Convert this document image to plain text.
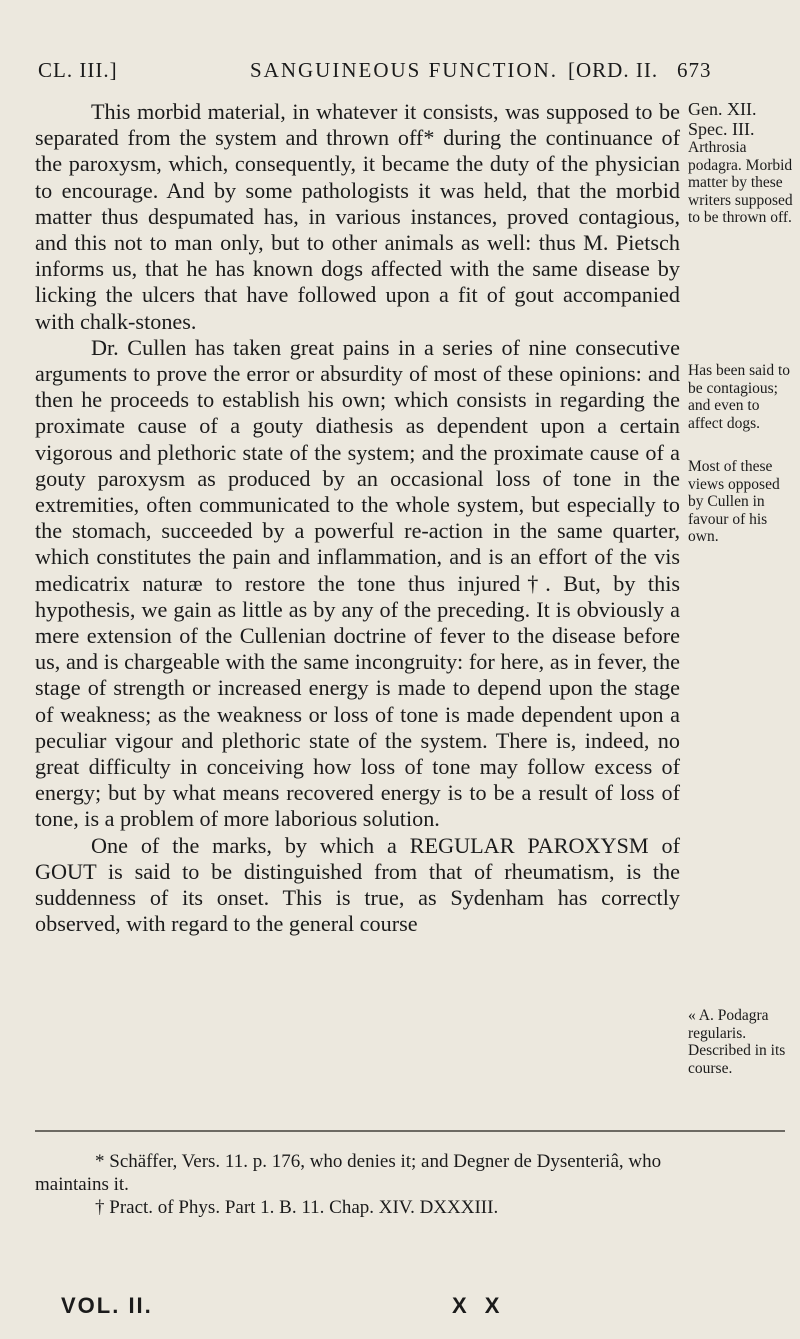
CL. III.]	SANGUINEOUS FUNCTION. [ORD. II. 673

This morbid material, in whatever it consists, was supposed to be separated from the system and thrown off* during the continuance of the paroxysm, which, consequently, it became the duty of the physician to encourage. And by some pathologists it was held, that the morbid matter thus despumated has, in various instances, proved contagious, and this not to man only, but to other animals as well: thus M. Pietsch informs us, that he has known dogs affected with the same disease by licking the ulcers that have followed upon a fit of gout accompanied with chalk-stones.

Dr. Cullen has taken great pains in a series of nine consecutive arguments to prove the error or absurdity of most of these opinions: and then he proceeds to establish his own; which consists in regarding the proximate cause of a gouty diathesis as dependent upon a certain vigorous and plethoric state of the system; and the proximate cause of a gouty paroxysm as produced by an occasional loss of tone in the extremities, often communicated to the whole system, but especially to the stomach, succeeded by a powerful re-action in the same quarter, which constitutes the pain and inflammation, and is an effort of the vis medicatrix naturæ to restore the tone thus injured†. But, by this hypothesis, we gain as little as by any of the preceding. It is obviously a mere extension of the Cullenian doctrine of fever to the disease before us, and is chargeable with the same incongruity: for here, as in fever, the stage of strength or increased energy is made to depend upon the stage of weakness; as the weakness or loss of tone is made dependent upon a peculiar vigour and plethoric state of the system. There is, indeed, no great difficulty in conceiving how loss of tone may follow excess of energy; but by what means recovered energy is to be a result of loss of tone, is a problem of more laborious solution.

One of the marks, by which a REGULAR PAROXYSM of GOUT is said to be distinguished from that of rheumatism, is the suddenness of its onset. This is true, as Sydenham has correctly observed, with regard to the general course

Gen. XII. Spec. III.
Arthrosia podagra. Morbid matter by these writers supposed to be thrown off.
Has been said to be contagious; and even to affect dogs.
Most of these views opposed by Cullen in favour of his own.
« A. Podagra regularis. Described in its course.

* Schäffer, Vers. 11. p. 176, who denies it; and Degner de Dysenteriâ, who maintains it.

† Pract. of Phys. Part 1. B. 11. Chap. XIV. DXXXIII.

VOL. II.	X X
